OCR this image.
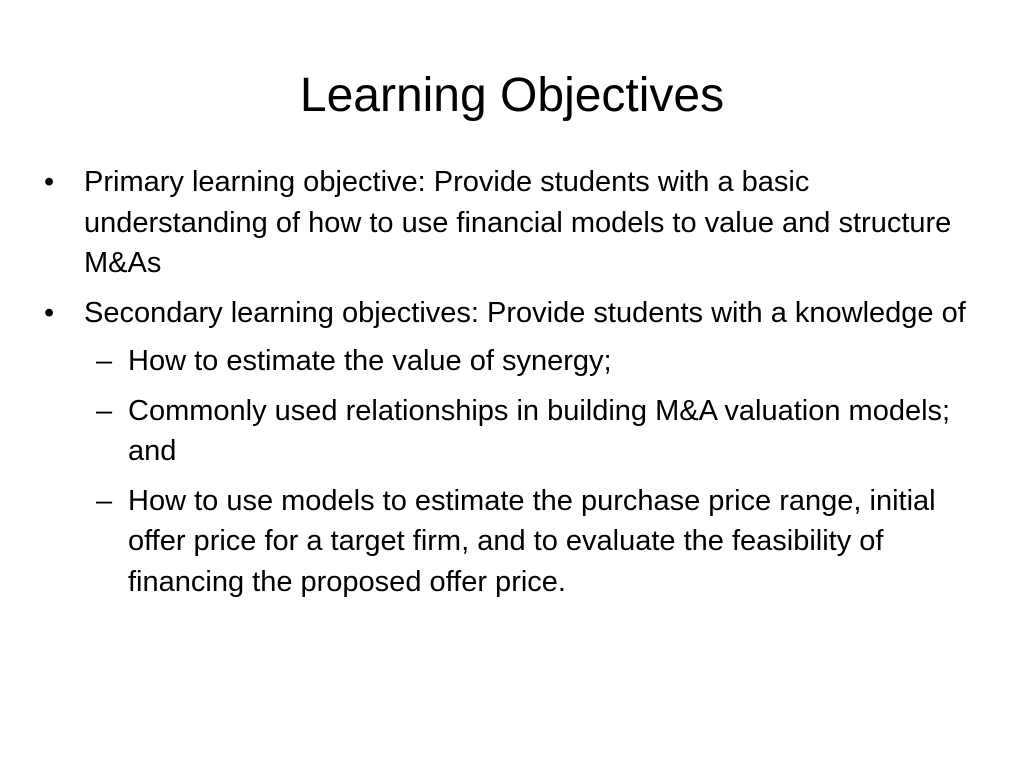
Learning Objectives
• Primary learning objective: Provide students with a basic understanding of how to use financial models to value and structure M&As
• Secondary learning objectives: Provide students with a knowledge of
– How to estimate the value of synergy;
– Commonly used relationships in building M&A valuation models; and
– How to use models to estimate the purchase price range, initial offer price for a target firm, and to evaluate the feasibility of financing the proposed offer price.
